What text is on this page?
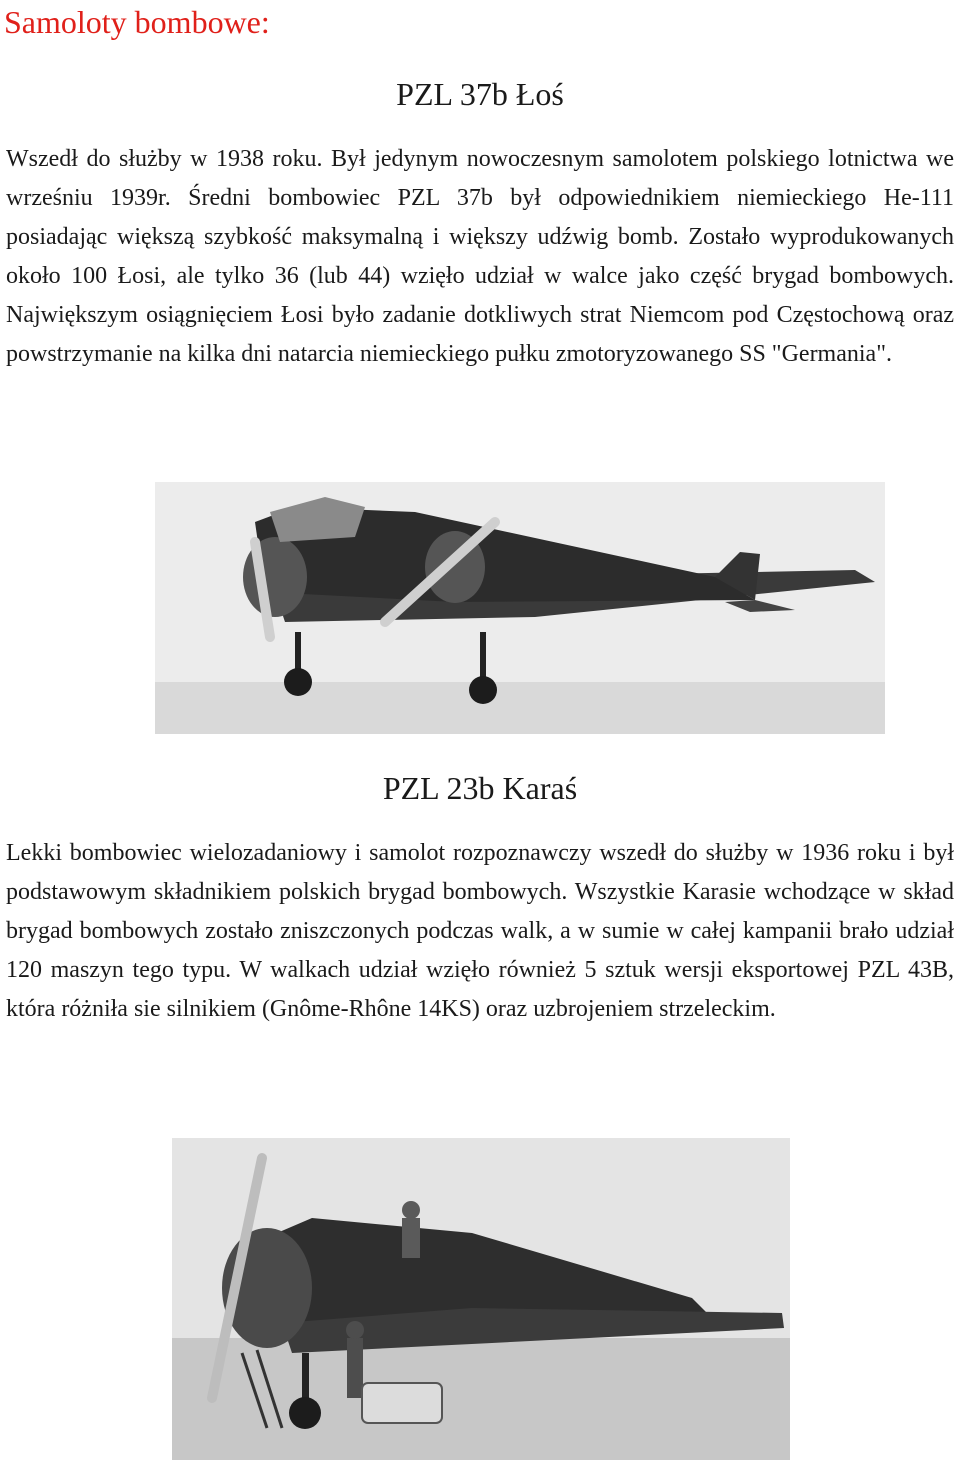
Samoloty bombowe:
PZL 37b Łoś

Wszedł do służby w 1938 roku. Był jedynym nowoczesnym samolotem polskiego lotnictwa we wrześniu 1939r. Średni bombowiec PZL 37b był odpowiednikiem niemieckiego He-111 posiadając większą szybkość maksymalną i większy udźwig bomb. Zostało wyprodukowanych około 100 Łosi, ale tylko 36 (lub 44) wzięło udział w walce jako część brygad bombowych. Największym osiągnięciem Łosi było zadanie dotkliwych strat Niemcom pod Częstochową oraz powstrzymanie na kilka dni natarcia niemieckiego pułku zmotoryzowanego SS "Germania".

PZL 23b Karaś

Lekki bombowiec wielozadaniowy i samolot rozpoznawczy wszedł do służby w 1936 roku i był podstawowym składnikiem polskich brygad bombowych. Wszystkie Karasie wchodzące w skład brygad bombowych zostało zniszczonych podczas walk, a w sumie w całej kampanii brało udział 120 maszyn tego typu. W walkach udział wzięło również 5 sztuk wersji eksportowej PZL 43B, która różniła sie silnikiem (Gnôme-Rhône 14KS) oraz uzbrojeniem strzeleckim.
